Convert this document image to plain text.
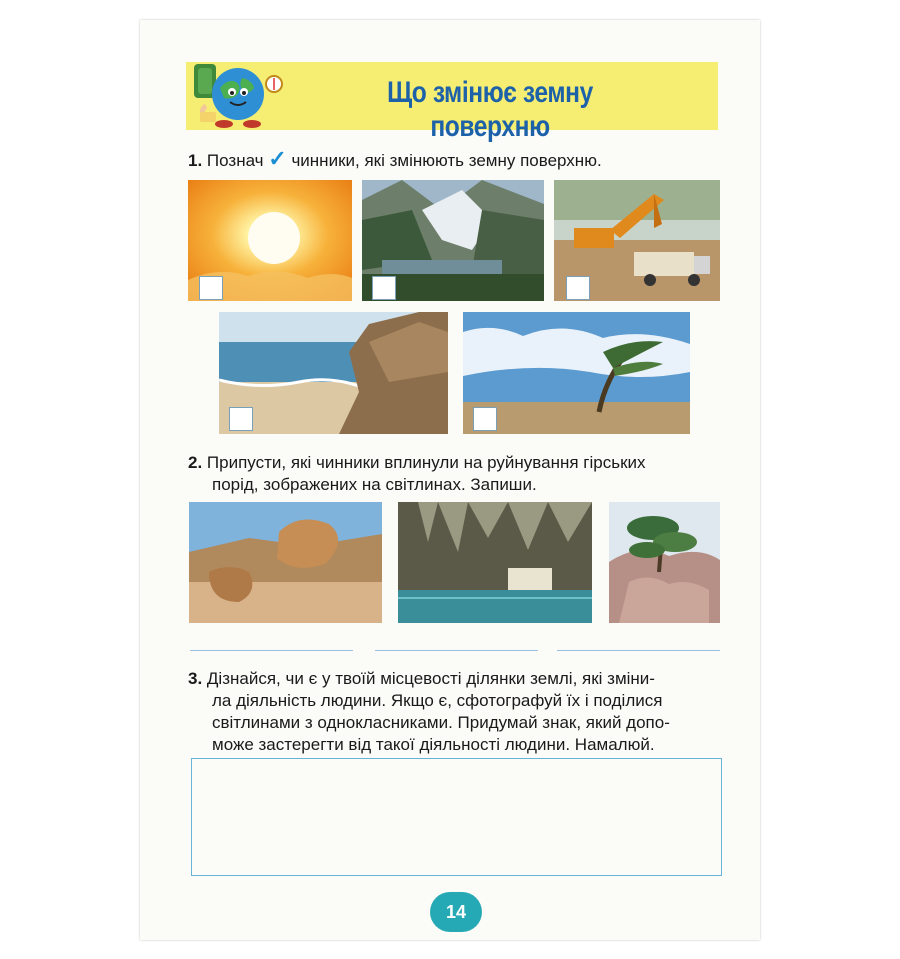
Що змінює земну поверхню
1. Познач ✓ чинники, які змінюють земну поверхню.
2. Припусти, які чинники вплинули на руйнування гірських
порід, зображених на світлинах. Запиши.
3. Дізнайся, чи є у твоїй місцевості ділянки землі, які зміни-
ла діяльність людини. Якщо є, сфотографуй їх і поділися
світлинами з однокласниками. Придумай знак, який допо-
може застерегти від такої діяльності людини. Намалюй.
14
